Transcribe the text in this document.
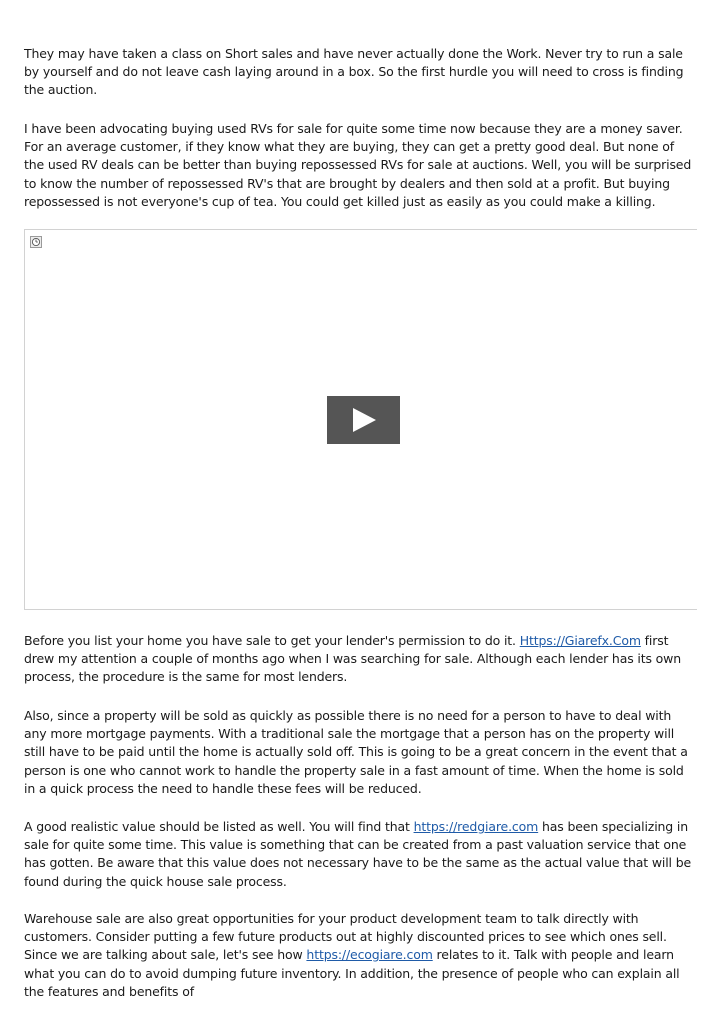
They may have taken a class on Short sales and have never actually done the Work. Never try to run a sale by yourself and do not leave cash laying around in a box. So the first hurdle you will need to cross is finding the auction.

I have been advocating buying used RVs for sale for quite some time now because they are a money saver. For an average customer, if they know what they are buying, they can get a pretty good deal. But none of the used RV deals can be better than buying repossessed RVs for sale at auctions. Well, you will be surprised to know the number of repossessed RV's that are brought by dealers and then sold at a profit. But buying repossessed is not everyone's cup of tea. You could get killed just as easily as you could make a killing.

Before you list your home you have sale to get your lender's permission to do it. Https://Giarefx.Com first drew my attention a couple of months ago when I was searching for sale. Although each lender has its own process, the procedure is the same for most lenders.

Also, since a property will be sold as quickly as possible there is no need for a person to have to deal with any more mortgage payments. With a traditional sale the mortgage that a person has on the property will still have to be paid until the home is actually sold off. This is going to be a great concern in the event that a person is one who cannot work to handle the property sale in a fast amount of time. When the home is sold in a quick process the need to handle these fees will be reduced.

A good realistic value should be listed as well. You will find that https://redgiare.com has been specializing in sale for quite some time. This value is something that can be created from a past valuation service that one has gotten. Be aware that this value does not necessary have to be the same as the actual value that will be found during the quick house sale process.

Warehouse sale are also great opportunities for your product development team to talk directly with customers. Consider putting a few future products out at highly discounted prices to see which ones sell. Since we are talking about sale, let's see how https://ecogiare.com relates to it. Talk with people and learn what you can do to avoid dumping future inventory. In addition, the presence of people who can explain all the features and benefits of
